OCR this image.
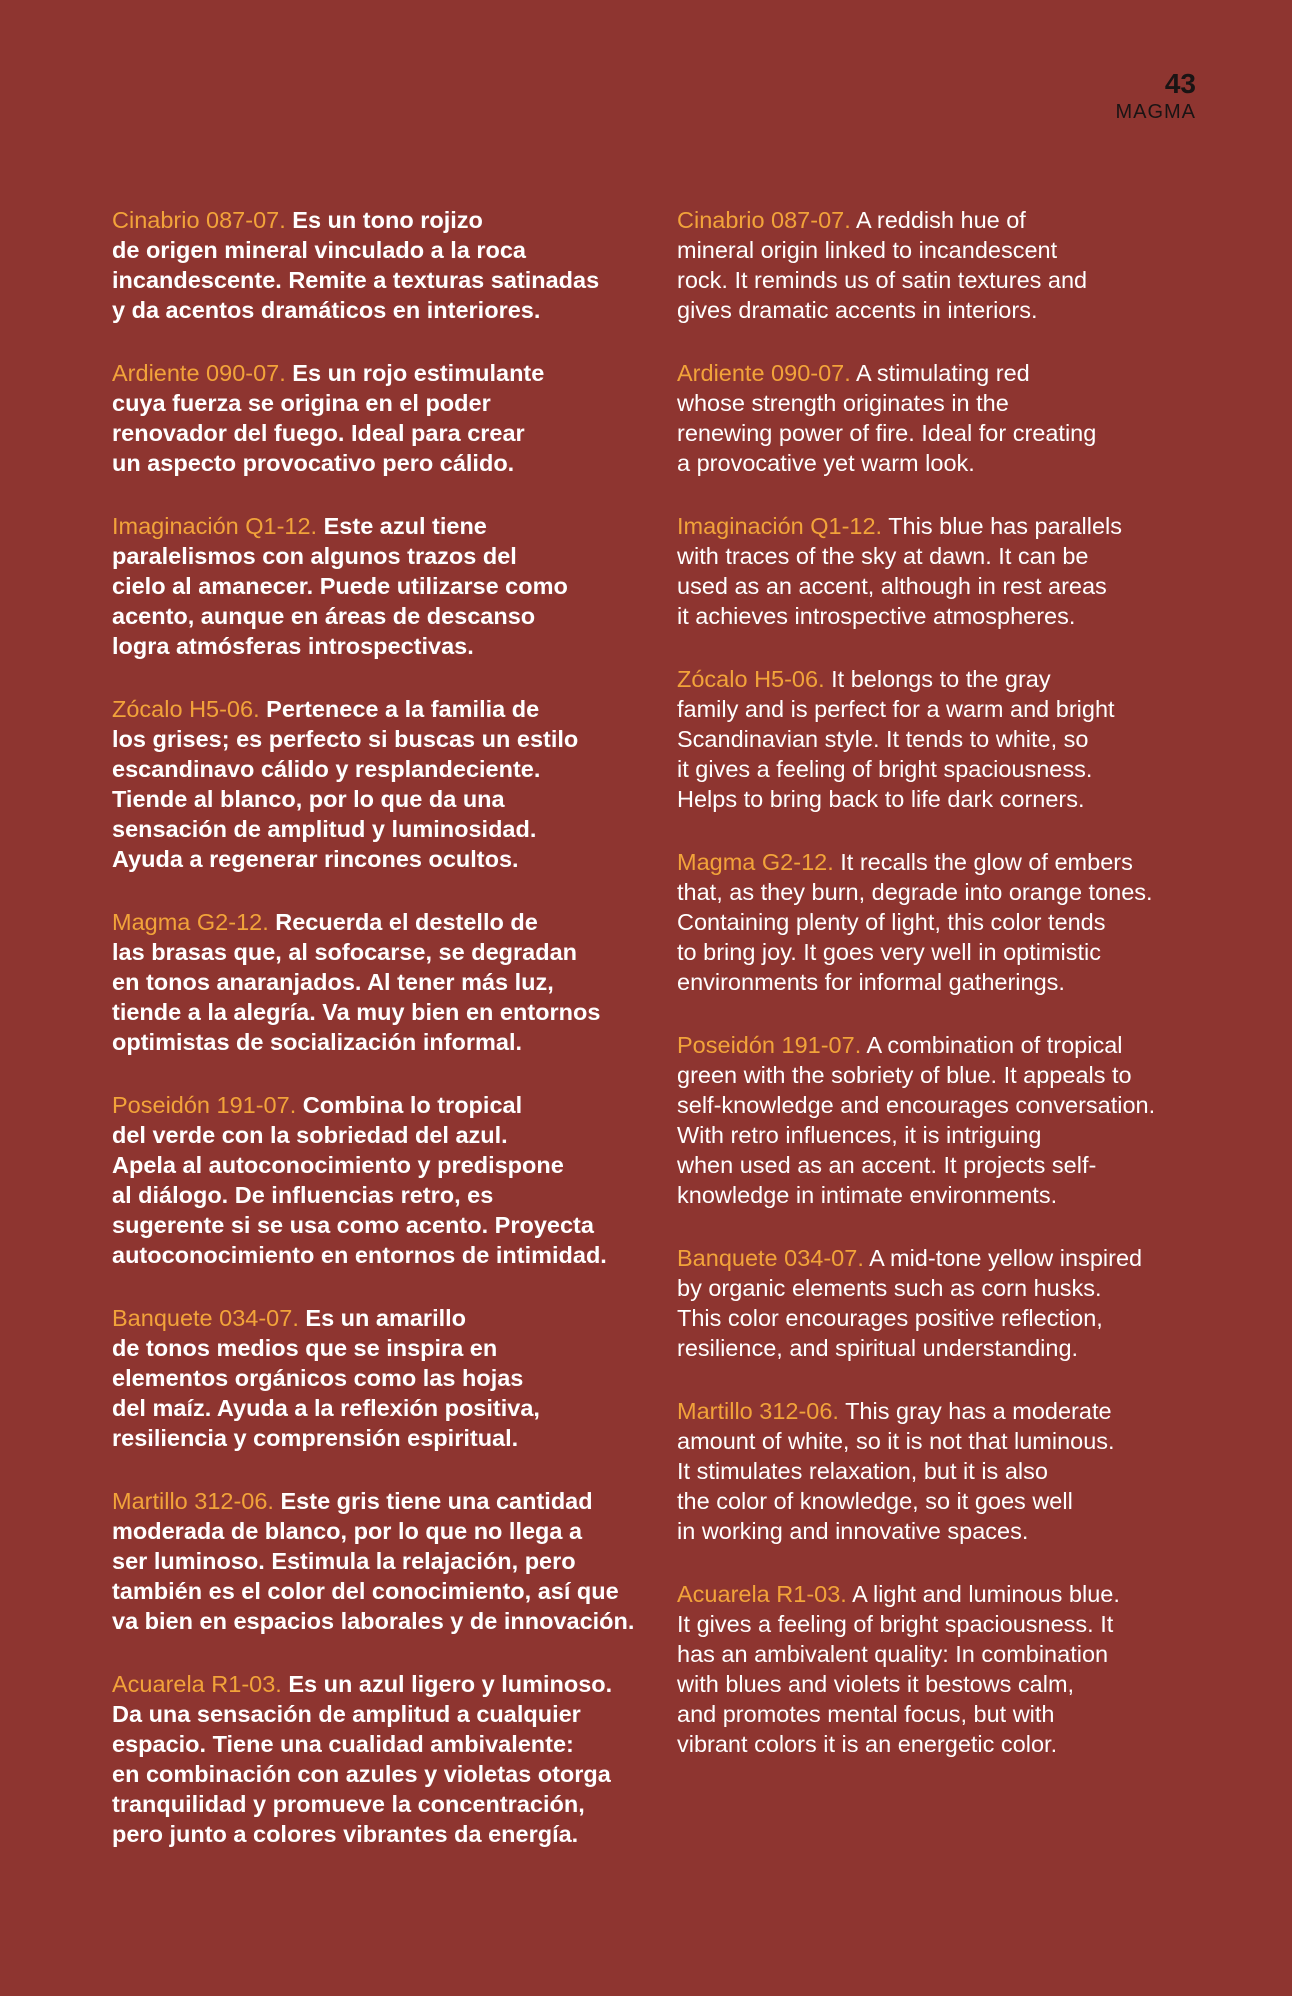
43
MAGMA

Cinabrio 087-07. Es un tono rojizo
de origen mineral vinculado a la roca
incandescente. Remite a texturas satinadas
y da acentos dramáticos en interiores.

Ardiente 090-07. Es un rojo estimulante
cuya fuerza se origina en el poder
renovador del fuego. Ideal para crear
un aspecto provocativo pero cálido.

Imaginación Q1-12. Este azul tiene
paralelismos con algunos trazos del
cielo al amanecer. Puede utilizarse como
acento, aunque en áreas de descanso
logra atmósferas introspectivas.

Zócalo H5-06. Pertenece a la familia de
los grises; es perfecto si buscas un estilo
escandinavo cálido y resplandeciente.
Tiende al blanco, por lo que da una
sensación de amplitud y luminosidad.
Ayuda a regenerar rincones ocultos.

Magma G2-12. Recuerda el destello de
las brasas que, al sofocarse, se degradan
en tonos anaranjados. Al tener más luz,
tiende a la alegría. Va muy bien en entornos
optimistas de socialización informal.

Poseidón 191-07. Combina lo tropical
del verde con la sobriedad del azul.
Apela al autoconocimiento y predispone
al diálogo. De influencias retro, es
sugerente si se usa como acento. Proyecta
autoconocimiento en entornos de intimidad.

Banquete 034-07. Es un amarillo
de tonos medios que se inspira en
elementos orgánicos como las hojas
del maíz. Ayuda a la reflexión positiva,
resiliencia y comprensión espiritual.

Martillo 312-06. Este gris tiene una cantidad
moderada de blanco, por lo que no llega a
ser luminoso. Estimula la relajación, pero
también es el color del conocimiento, así que
va bien en espacios laborales y de innovación.

Acuarela R1-03. Es un azul ligero y luminoso.
Da una sensación de amplitud a cualquier
espacio. Tiene una cualidad ambivalente:
en combinación con azules y violetas otorga
tranquilidad y promueve la concentración,
pero junto a colores vibrantes da energía.

Cinabrio 087-07. A reddish hue of
mineral origin linked to incandescent
rock. It reminds us of satin textures and
gives dramatic accents in interiors.

Ardiente 090-07. A stimulating red
whose strength originates in the
renewing power of fire. Ideal for creating
a provocative yet warm look.

Imaginación Q1-12. This blue has parallels
with traces of the sky at dawn. It can be
used as an accent, although in rest areas
it achieves introspective atmospheres.

Zócalo H5-06. It belongs to the gray
family and is perfect for a warm and bright
Scandinavian style. It tends to white, so
it gives a feeling of bright spaciousness.
Helps to bring back to life dark corners.

Magma G2-12. It recalls the glow of embers
that, as they burn, degrade into orange tones.
Containing plenty of light, this color tends
to bring joy. It goes very well in optimistic
environments for informal gatherings.

Poseidón 191-07. A combination of tropical
green with the sobriety of blue. It appeals to
self-knowledge and encourages conversation.
With retro influences, it is intriguing
when used as an accent. It projects self-
knowledge in intimate environments.

Banquete 034-07. A mid-tone yellow inspired
by organic elements such as corn husks.
This color encourages positive reflection,
resilience, and spiritual understanding.

Martillo 312-06. This gray has a moderate
amount of white, so it is not that luminous.
It stimulates relaxation, but it is also
the color of knowledge, so it goes well
in working and innovative spaces.

Acuarela R1-03. A light and luminous blue.
It gives a feeling of bright spaciousness. It
has an ambivalent quality: In combination
with blues and violets it bestows calm,
and promotes mental focus, but with
vibrant colors it is an energetic color.
